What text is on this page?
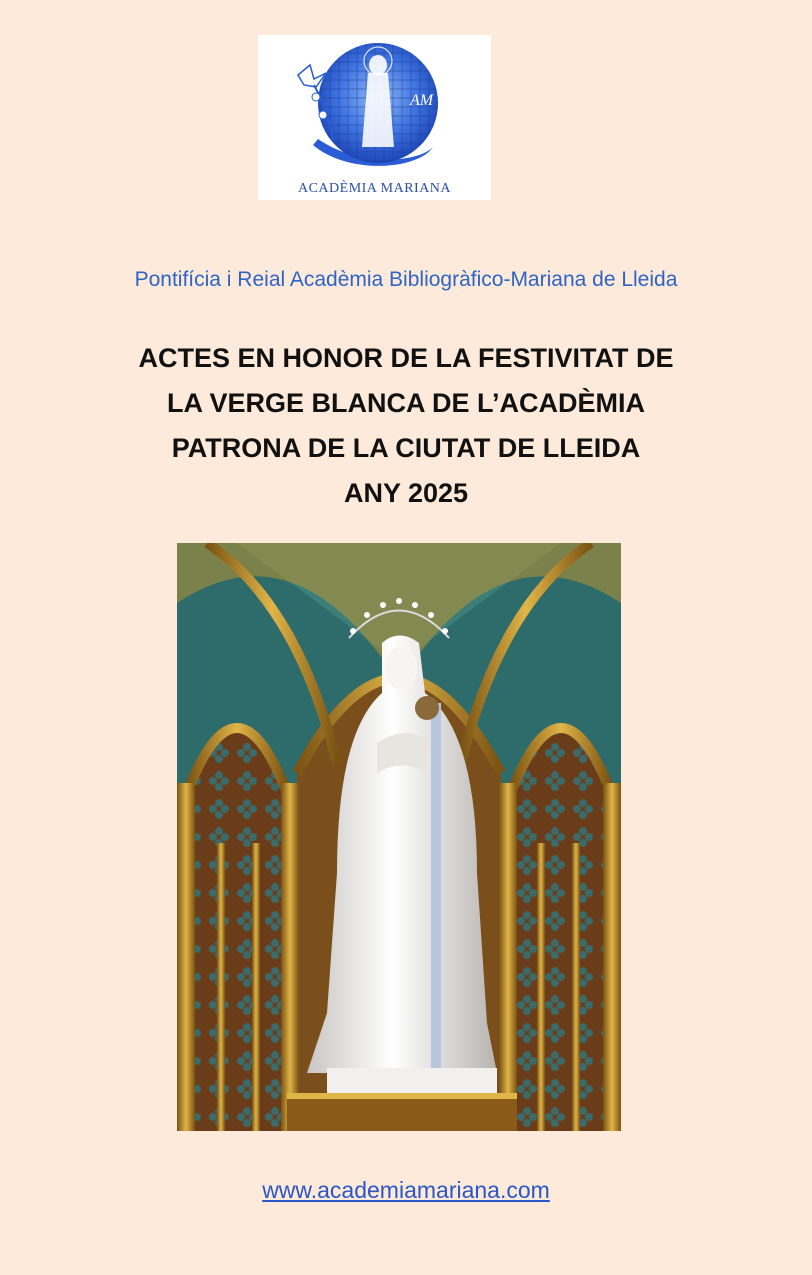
AM
ACADÈMIA MARIANA
Pontifícia i Reial Acadèmia Bibliogràfico-Mariana de Lleida
ACTES EN HONOR DE LA FESTIVITAT DE
LA VERGE BLANCA DE L’ACADÈMIA
PATRONA DE LA CIUTAT DE LLEIDA
ANY 2025
www.academiamariana.com
